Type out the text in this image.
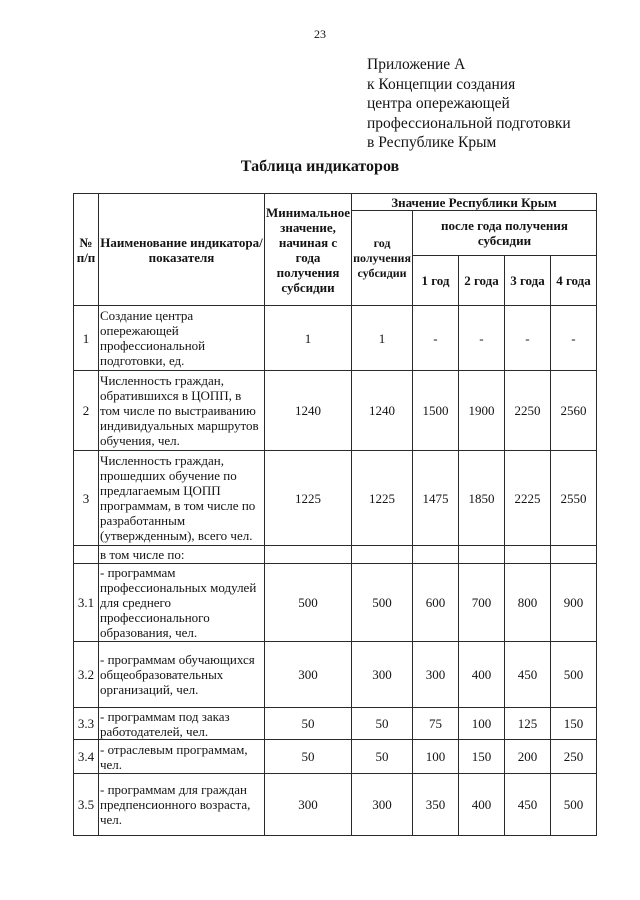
23
Приложение А
к Концепции создания
центра опережающей
профессиональной подготовки
в Республике Крым
Таблица индикаторов
№ п/п	Наименование индикатора/показателя	Минимальное значение, начиная с года получения субсидии	Значение Республики Крым				
			год получения субсидии	после года получения субсидии			
				1 год	2 года	3 года	4 года
1	Создание центра опережающей профессиональной подготовки, ед.	1	1	-	-	-	-
2	Численность граждан, обратившихся в ЦОПП, в том числе по выстраиванию индивидуальных маршрутов обучения, чел.	1240	1240	1500	1900	2250	2560
3	Численность граждан, прошедших обучение по предлагаемым ЦОПП программам, в том числе по разработанным (утвержденным), всего чел.	1225	1225	1475	1850	2225	2550
	в том числе по:						
3.1	- программам профессиональных модулей для среднего профессионального образования, чел.	500	500	600	700	800	900
3.2	- программам обучающихся общеобразовательных организаций, чел.	300	300	300	400	450	500
3.3	- программам под заказ работодателей, чел.	50	50	75	100	125	150
3.4	- отраслевым программам, чел.	50	50	100	150	200	250
3.5	- программам для граждан предпенсионного возраста, чел.	300	300	350	400	450	500
